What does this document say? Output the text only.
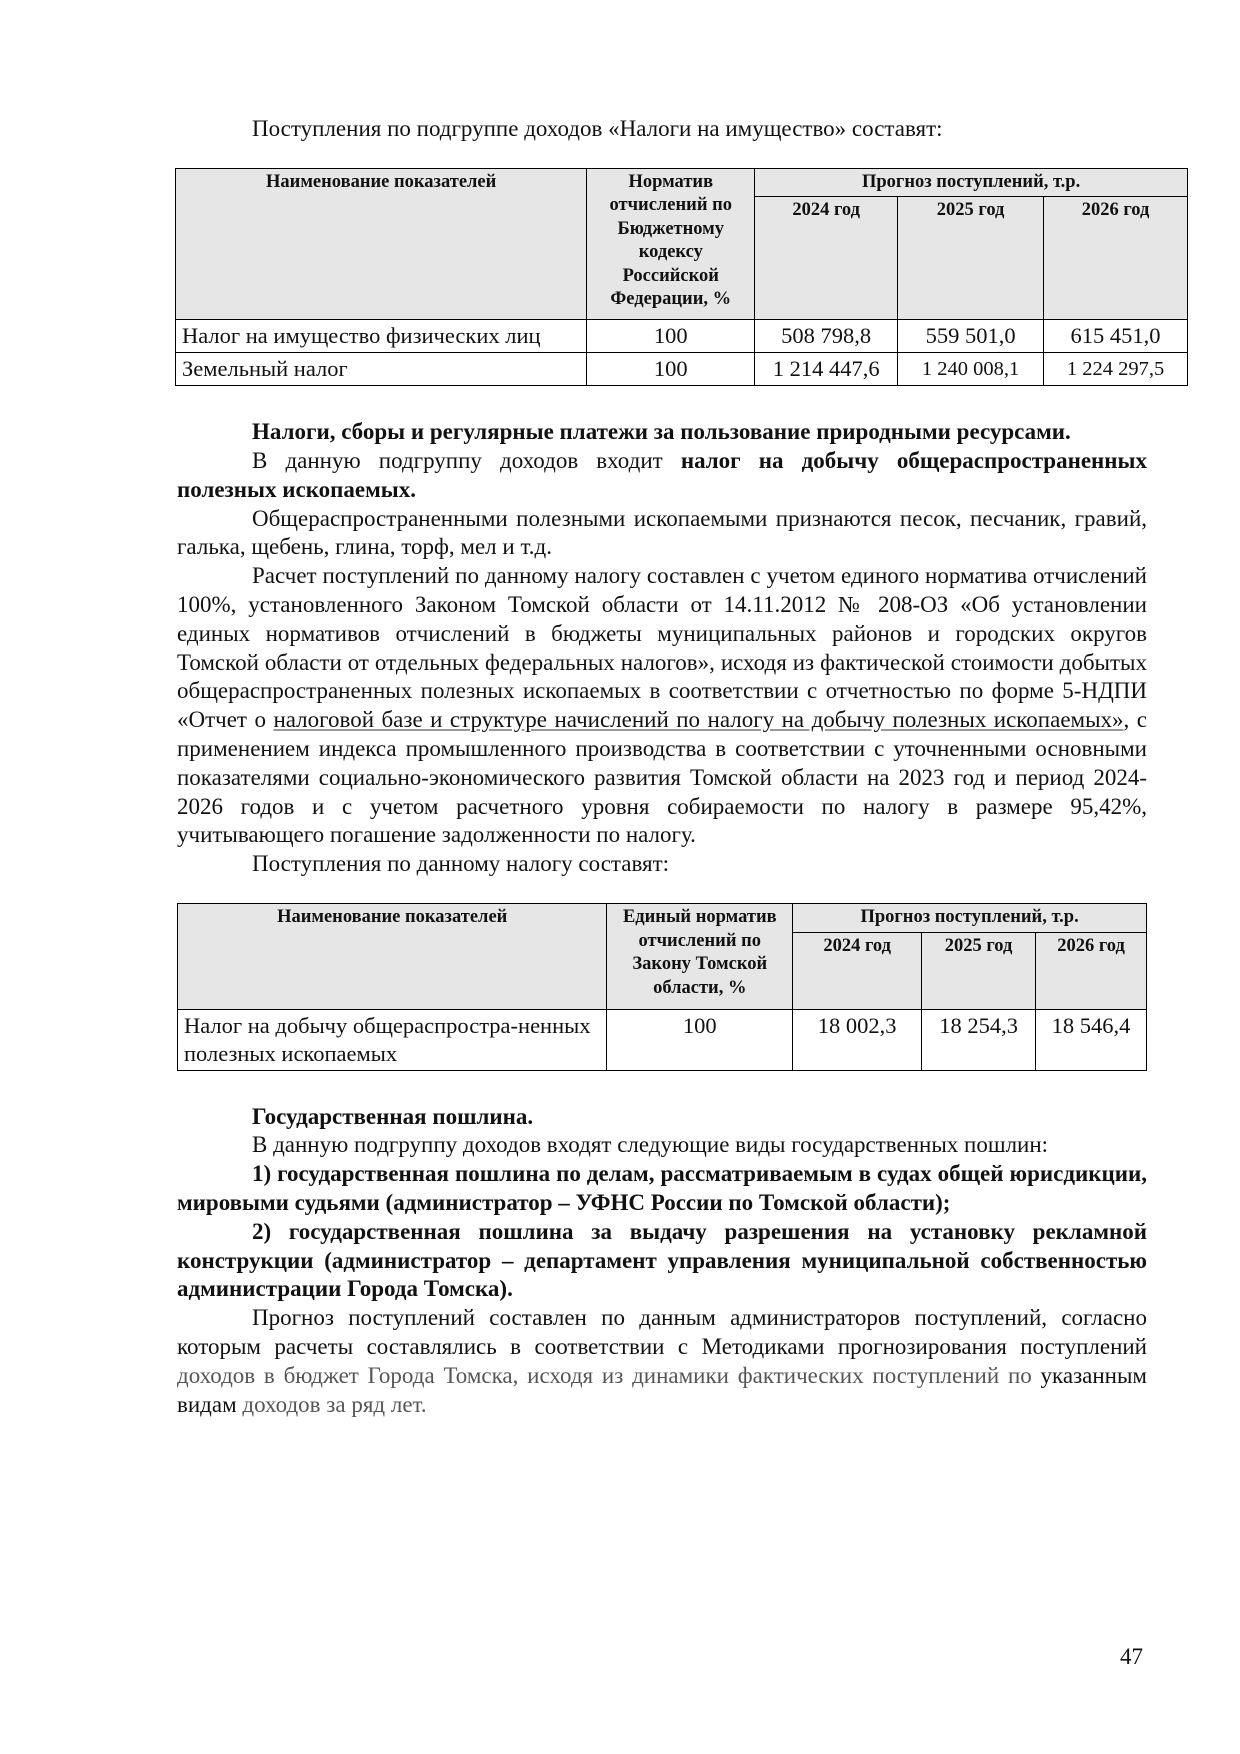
Поступления по подгруппе доходов «Налоги на имущество» составят:

Наименование показателей	Норматив отчислений по Бюджетному кодексу Российской Федерации, %	Прогноз поступлений, т.р.		
		2024 год	2025 год	2026 год
Налог на имущество физических лиц	100	508 798,8	559 501,0	615 451,0
Земельный налог	100	1 214 447,6	1 240 008,1	1 224 297,5

Налоги, сборы и регулярные платежи за пользование природными ресурсами.

В данную подгруппу доходов входит налог на добычу общераспространенных полезных ископаемых.

Общераспространенными полезными ископаемыми признаются песок, песчаник, гравий, галька, щебень, глина, торф, мел и т.д.

Расчет поступлений по данному налогу составлен с учетом единого норматива отчислений 100%, установленного Законом Томской области от 14.11.2012 № 208-ОЗ «Об установлении единых нормативов отчислений в бюджеты муниципальных районов и городских округов Томской области от отдельных федеральных налогов», исходя из фактической стоимости добытых общераспространенных полезных ископаемых в соответствии с отчетностью по форме 5-НДПИ «Отчет о налоговой базе и структуре начислений по налогу на добычу полезных ископаемых», с применением индекса промышленного производства в соответствии с уточненными основными показателями социально-экономического развития Томской области на 2023 год и период 2024-2026 годов и с учетом расчетного уровня собираемости по налогу в размере 95,42%, учитывающего погашение задолженности по налогу.

Поступления по данному налогу составят:

Наименование показателей	Единый норматив отчислений по Закону Томской области, %	Прогноз поступлений, т.р.		
		2024 год	2025 год	2026 год
Налог на добычу общераспростра-ненных полезных ископаемых	100	18 002,3	18 254,3	18 546,4

Государственная пошлина.

В данную подгруппу доходов входят следующие виды государственных пошлин:

1) государственная пошлина по делам, рассматриваемым в судах общей юрисдикции, мировыми судьями (администратор – УФНС России по Томской области);

2) государственная пошлина за выдачу разрешения на установку рекламной конструкции (администратор – департамент управления муниципальной собственностью администрации Города Томска).

Прогноз поступлений составлен по данным администраторов поступлений, согласно которым расчеты составлялись в соответствии с Методиками прогнозирования поступлений доходов в бюджет Города Томска, исходя из динамики фактических поступлений по указанным видам доходов за ряд лет.

47
